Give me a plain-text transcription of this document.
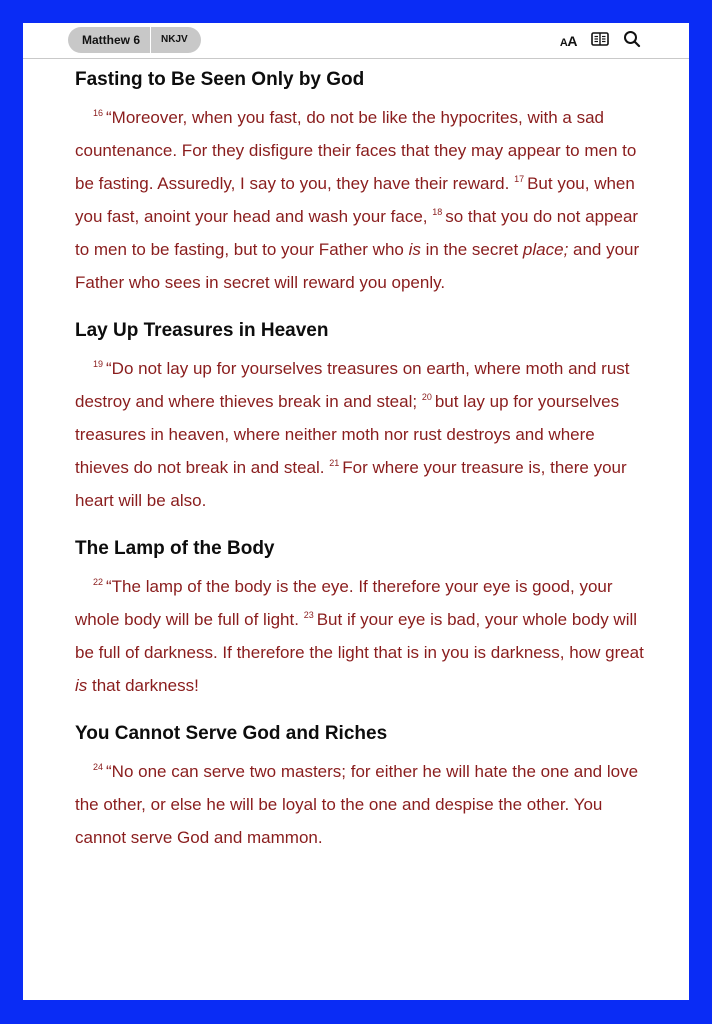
Matthew 6	NKJV	AA
Fasting to Be Seen Only by God

$^{16}$ “Moreover, when you fast, do not be like the hypocrites, with a sad countenance. For they disfigure their faces that they may appear to men to be fasting. Assuredly, I say to you, they have their reward. $^{17}$ But you, when you fast, anoint your head and wash your face, $^{18}$ so that you do not appear to men to be fasting, but to your Father who is in the secret place; and your Father who sees in secret will reward you openly.

Lay Up Treasures in Heaven

$^{19}$ “Do not lay up for yourselves treasures on earth, where moth and rust destroy and where thieves break in and steal; $^{20}$ but lay up for yourselves treasures in heaven, where neither moth nor rust destroys and where thieves do not break in and steal. $^{21}$ For where your treasure is, there your heart will be also.

The Lamp of the Body

$^{22}$ “The lamp of the body is the eye. If therefore your eye is good, your whole body will be full of light. $^{23}$ But if your eye is bad, your whole body will be full of darkness. If therefore the light that is in you is darkness, how great is that darkness!

You Cannot Serve God and Riches

$^{24}$ “No one can serve two masters; for either he will hate the one and love the other, or else he will be loyal to the one and despise the other. You cannot serve God and mammon.
